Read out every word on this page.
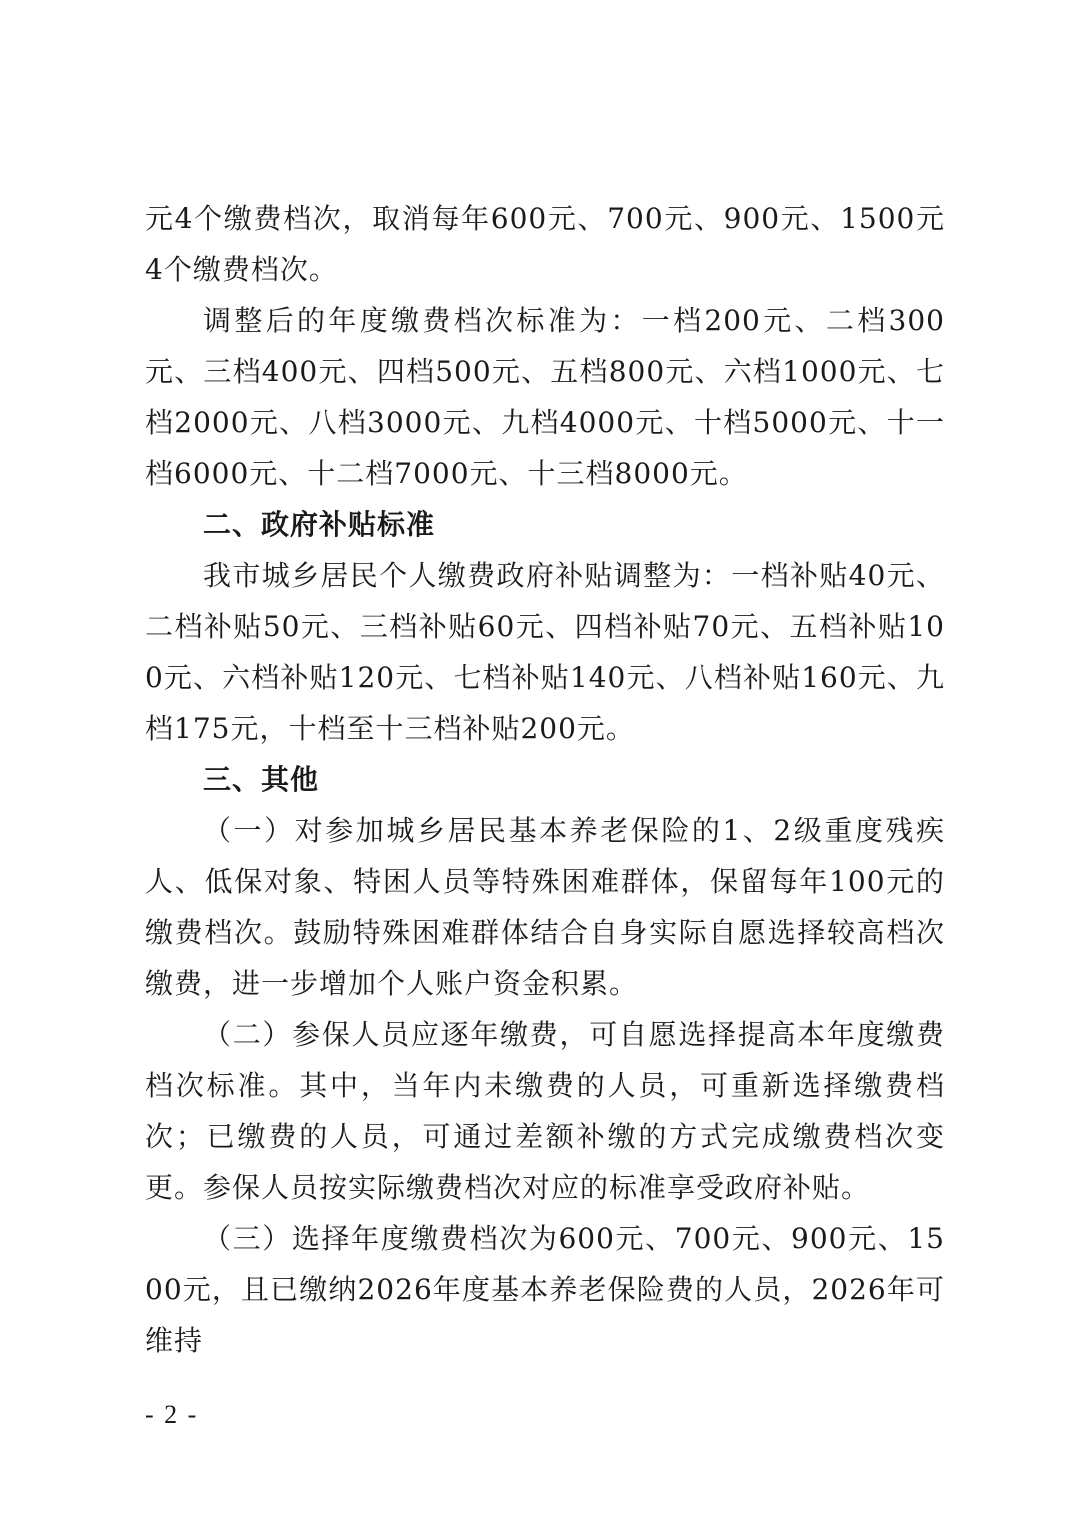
元4个缴费档次，取消每年600元、700元、900元、1500元4个缴费档次。

调整后的年度缴费档次标准为：一档200元、二档300元、三档400元、四档500元、五档800元、六档1000元、七档2000元、八档3000元、九档4000元、十档5000元、十一档6000元、十二档7000元、十三档8000元。

二、政府补贴标准

我市城乡居民个人缴费政府补贴调整为：一档补贴40元、二档补贴50元、三档补贴60元、四档补贴70元、五档补贴100元、六档补贴120元、七档补贴140元、八档补贴160元、九档175元，十档至十三档补贴200元。

三、其他

（一）对参加城乡居民基本养老保险的1、2级重度残疾人、低保对象、特困人员等特殊困难群体，保留每年100元的缴费档次。鼓励特殊困难群体结合自身实际自愿选择较高档次缴费，进一步增加个人账户资金积累。

（二）参保人员应逐年缴费，可自愿选择提高本年度缴费档次标准。其中，当年内未缴费的人员，可重新选择缴费档次；已缴费的人员，可通过差额补缴的方式完成缴费档次变更。参保人员按实际缴费档次对应的标准享受政府补贴。

（三）选择年度缴费档次为600元、700元、900元、1500元，且已缴纳2026年度基本养老保险费的人员，2026年可维持

- 2 -
